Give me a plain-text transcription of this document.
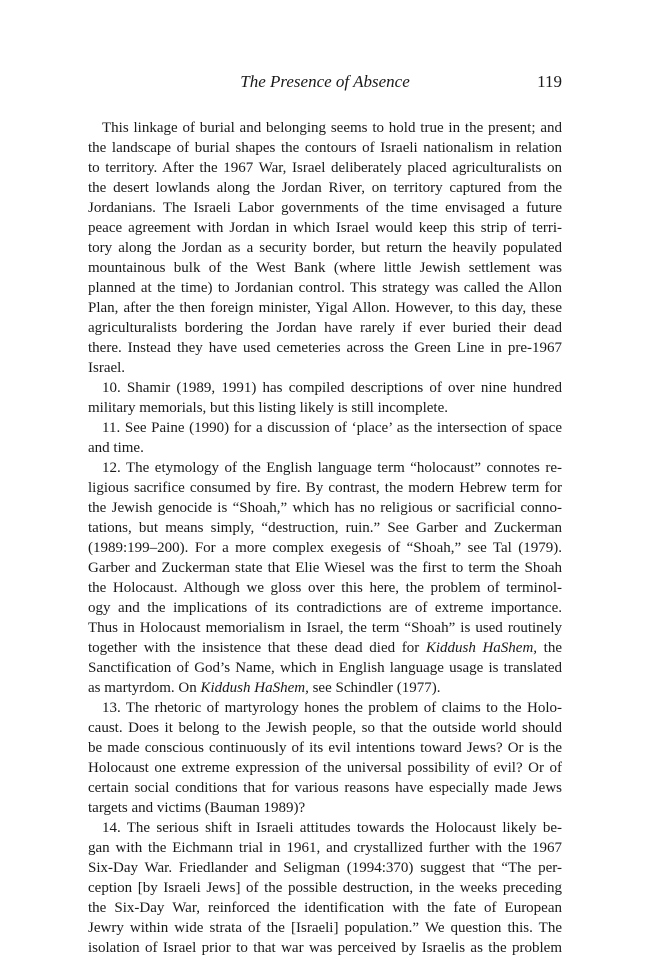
The Presence of Absence	119
This linkage of burial and belonging seems to hold true in the present; and
the landscape of burial shapes the contours of Israeli nationalism in relation
to territory. After the 1967 War, Israel deliberately placed agriculturalists on
the desert lowlands along the Jordan River, on territory captured from the
Jordanians. The Israeli Labor governments of the time envisaged a future
peace agreement with Jordan in which Israel would keep this strip of terri-
tory along the Jordan as a security border, but return the heavily populated
mountainous bulk of the West Bank (where little Jewish settlement was
planned at the time) to Jordanian control. This strategy was called the Allon
Plan, after the then foreign minister, Yigal Allon. However, to this day, these
agriculturalists bordering the Jordan have rarely if ever buried their dead
there. Instead they have used cemeteries across the Green Line in pre-1967
Israel.
10. Shamir (1989, 1991) has compiled descriptions of over nine hundred
military memorials, but this listing likely is still incomplete.
11. See Paine (1990) for a discussion of ‘place’ as the intersection of space
and time.
12. The etymology of the English language term “holocaust” connotes re-
ligious sacrifice consumed by fire. By contrast, the modern Hebrew term for
the Jewish genocide is “Shoah,” which has no religious or sacrificial conno-
tations, but means simply, “destruction, ruin.” See Garber and Zuckerman
(1989:199–200). For a more complex exegesis of “Shoah,” see Tal (1979).
Garber and Zuckerman state that Elie Wiesel was the first to term the Shoah
the Holocaust. Although we gloss over this here, the problem of terminol-
ogy and the implications of its contradictions are of extreme importance.
Thus in Holocaust memorialism in Israel, the term “Shoah” is used routinely
together with the insistence that these dead died for Kiddush HaShem, the
Sanctification of God’s Name, which in English language usage is translated
as martyrdom. On Kiddush HaShem, see Schindler (1977).
13. The rhetoric of martyrology hones the problem of claims to the Holo-
caust. Does it belong to the Jewish people, so that the outside world should
be made conscious continuously of its evil intentions toward Jews? Or is the
Holocaust one extreme expression of the universal possibility of evil? Or of
certain social conditions that for various reasons have especially made Jews
targets and victims (Bauman 1989)?
14. The serious shift in Israeli attitudes towards the Holocaust likely be-
gan with the Eichmann trial in 1961, and crystallized further with the 1967
Six-Day War. Friedlander and Seligman (1994:370) suggest that “The per-
ception [by Israeli Jews] of the possible destruction, in the weeks preceding
the Six-Day War, reinforced the identification with the fate of European
Jewry within wide strata of the [Israeli] population.” We question this. The
isolation of Israel prior to that war was perceived by Israelis as the problem
